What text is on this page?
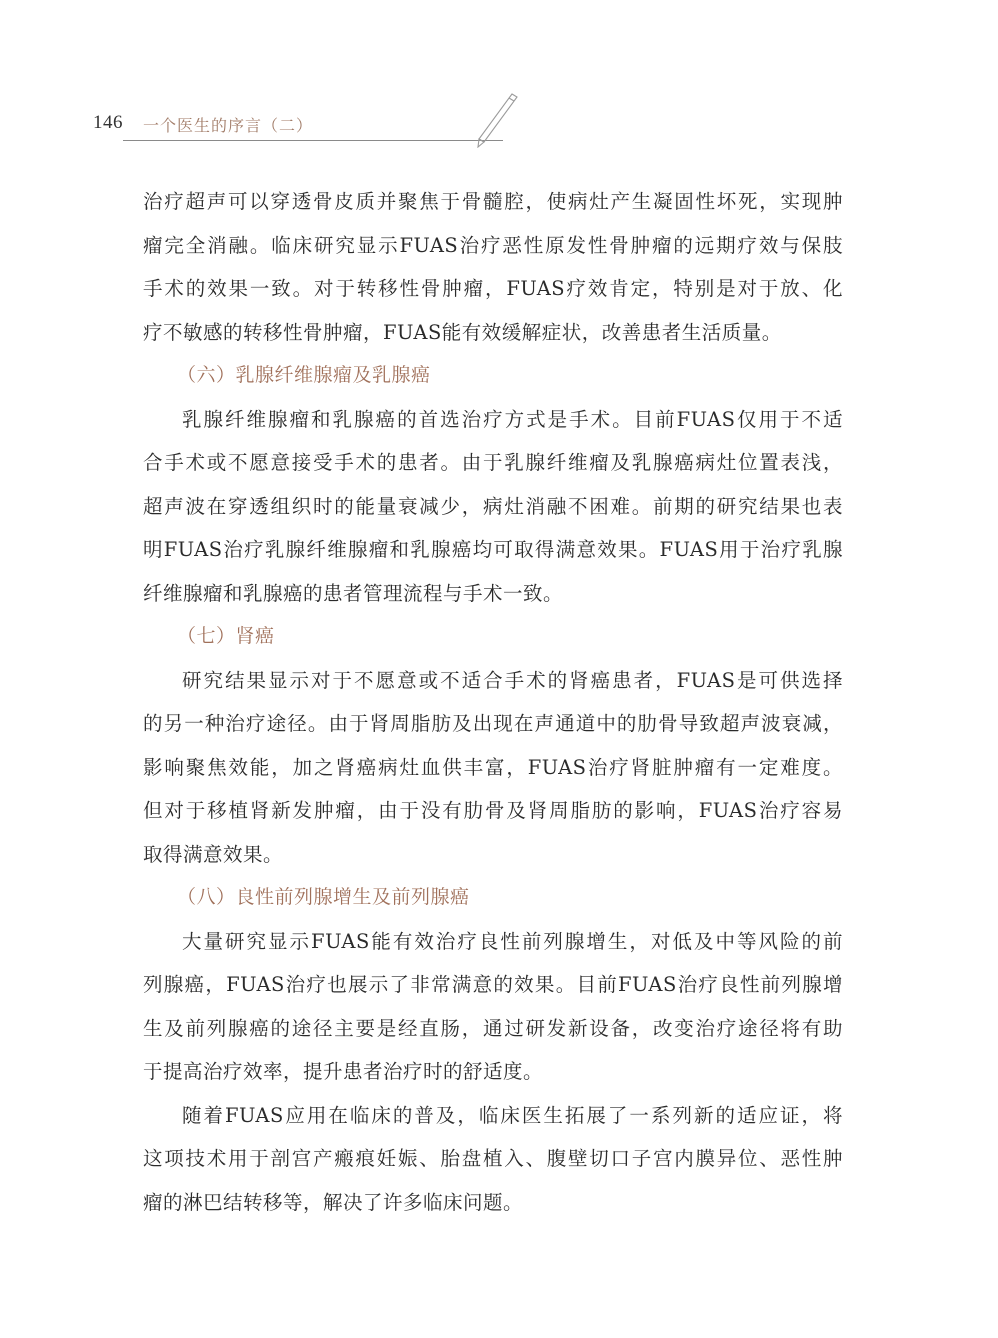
146 一个医生的序言（二）
治疗超声可以穿透骨皮质并聚焦于骨髓腔，使病灶产生凝固性坏死，实现肿
瘤完全消融。临床研究显示FUAS治疗恶性原发性骨肿瘤的远期疗效与保肢
手术的效果一致。对于转移性骨肿瘤，FUAS疗效肯定，特别是对于放、化
疗不敏感的转移性骨肿瘤，FUAS能有效缓解症状，改善患者生活质量。
（六）乳腺纤维腺瘤及乳腺癌
乳腺纤维腺瘤和乳腺癌的首选治疗方式是手术。目前FUAS仅用于不适
合手术或不愿意接受手术的患者。由于乳腺纤维瘤及乳腺癌病灶位置表浅，
超声波在穿透组织时的能量衰减少，病灶消融不困难。前期的研究结果也表
明FUAS治疗乳腺纤维腺瘤和乳腺癌均可取得满意效果。FUAS用于治疗乳腺
纤维腺瘤和乳腺癌的患者管理流程与手术一致。
（七）肾癌
研究结果显示对于不愿意或不适合手术的肾癌患者，FUAS是可供选择
的另一种治疗途径。由于肾周脂肪及出现在声通道中的肋骨导致超声波衰减，
影响聚焦效能，加之肾癌病灶血供丰富，FUAS治疗肾脏肿瘤有一定难度。
但对于移植肾新发肿瘤，由于没有肋骨及肾周脂肪的影响，FUAS治疗容易
取得满意效果。
（八）良性前列腺增生及前列腺癌
大量研究显示FUAS能有效治疗良性前列腺增生，对低及中等风险的前
列腺癌，FUAS治疗也展示了非常满意的效果。目前FUAS治疗良性前列腺增
生及前列腺癌的途径主要是经直肠，通过研发新设备，改变治疗途径将有助
于提高治疗效率，提升患者治疗时的舒适度。
随着FUAS应用在临床的普及，临床医生拓展了一系列新的适应证，将
这项技术用于剖宫产瘢痕妊娠、胎盘植入、腹壁切口子宫内膜异位、恶性肿
瘤的淋巴结转移等，解决了许多临床问题。
